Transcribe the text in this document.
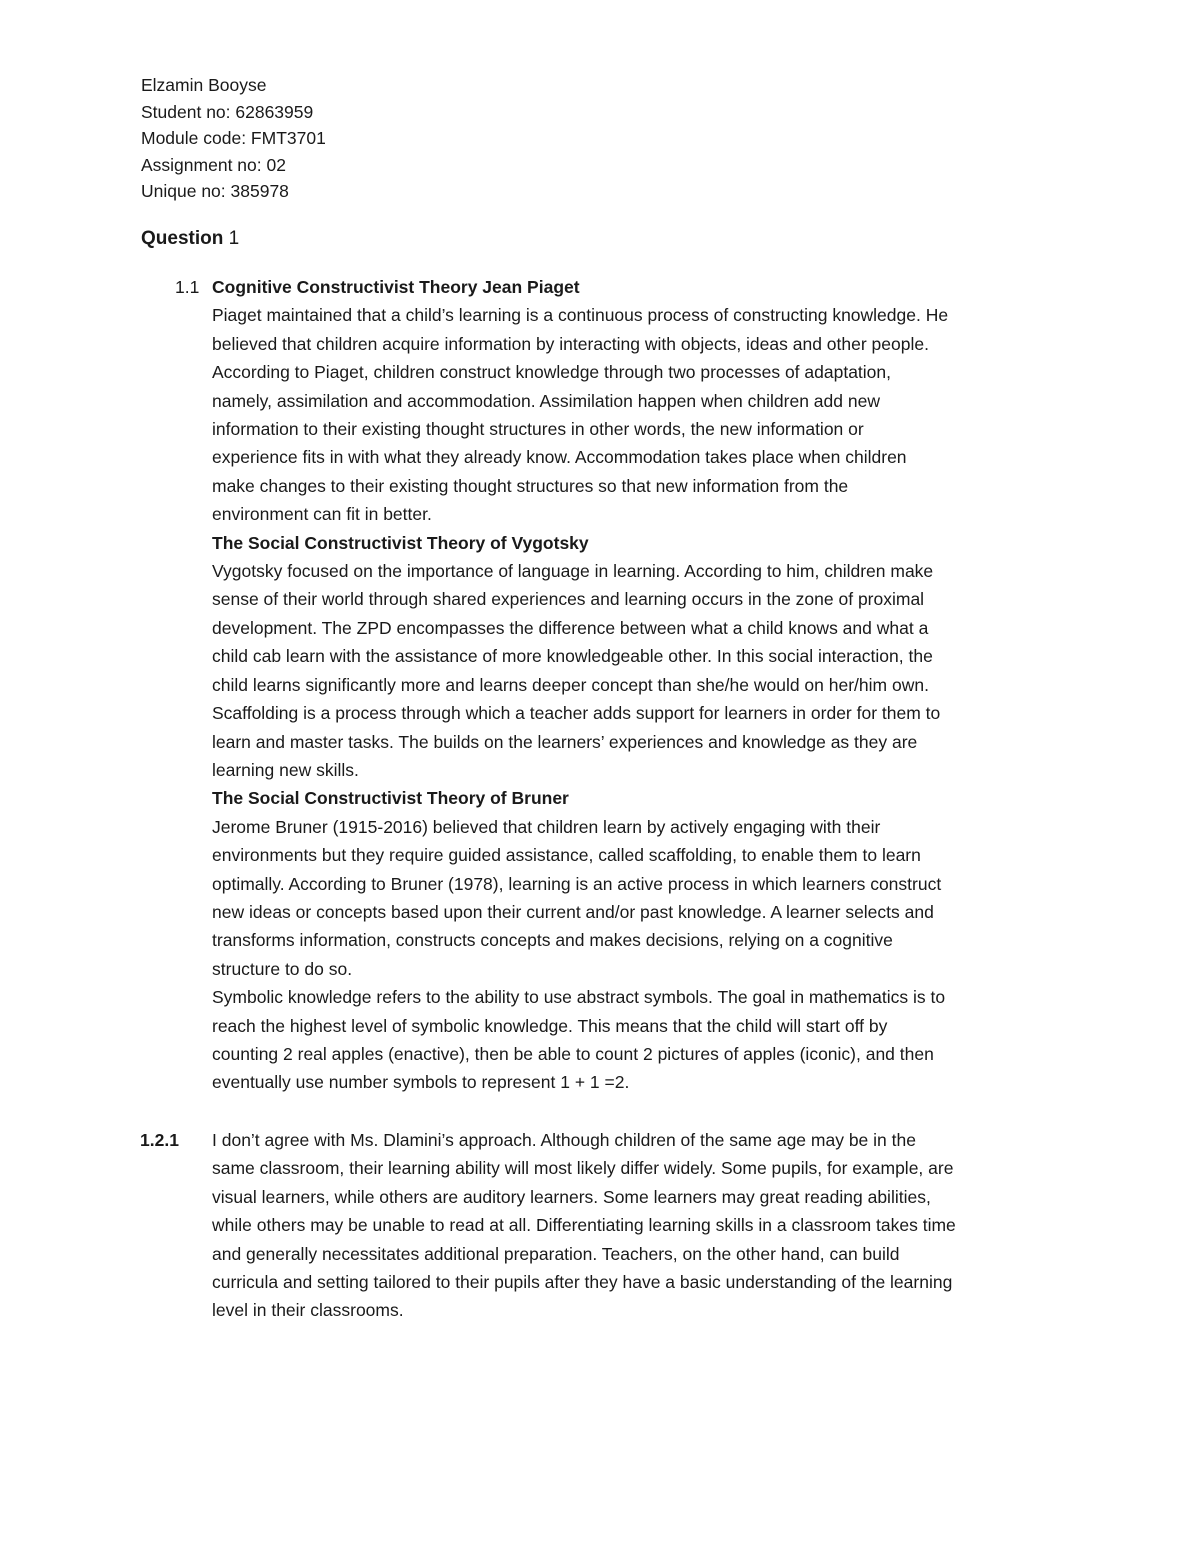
Elzamin Booyse
Student no: 62863959
Module code: FMT3701
Assignment no: 02
Unique no: 385978
Question 1
1.1 Cognitive Constructivist Theory Jean Piaget
Piaget maintained that a child’s learning is a continuous process of constructing knowledge. He
believed that children acquire information by interacting with objects, ideas and other people.
According to Piaget, children construct knowledge through two processes of adaptation,
namely, assimilation and accommodation. Assimilation happen when children add new
information to their existing thought structures in other words, the new information or
experience fits in with what they already know. Accommodation takes place when children
make changes to their existing thought structures so that new information from the
environment can fit in better.
The Social Constructivist Theory of Vygotsky
Vygotsky focused on the importance of language in learning. According to him, children make
sense of their world through shared experiences and learning occurs in the zone of proximal
development. The ZPD encompasses the difference between what a child knows and what a
child cab learn with the assistance of more knowledgeable other. In this social interaction, the
child learns significantly more and learns deeper concept than she/he would on her/him own.
Scaffolding is a process through which a teacher adds support for learners in order for them to
learn and master tasks. The builds on the learners’ experiences and knowledge as they are
learning new skills.
The Social Constructivist Theory of Bruner
Jerome Bruner (1915-2016) believed that children learn by actively engaging with their
environments but they require guided assistance, called scaffolding, to enable them to learn
optimally. According to Bruner (1978), learning is an active process in which learners construct
new ideas or concepts based upon their current and/or past knowledge. A learner selects and
transforms information, constructs concepts and makes decisions, relying on a cognitive
structure to do so.
Symbolic knowledge refers to the ability to use abstract symbols. The goal in mathematics is to
reach the highest level of symbolic knowledge. This means that the child will start off by
counting 2 real apples (enactive), then be able to count 2 pictures of apples (iconic), and then
eventually use number symbols to represent 1 + 1 =2.
1.2.1 I don’t agree with Ms. Dlamini’s approach. Although children of the same age may be in the
same classroom, their learning ability will most likely differ widely. Some pupils, for example, are
visual learners, while others are auditory learners. Some learners may great reading abilities,
while others may be unable to read at all. Differentiating learning skills in a classroom takes time
and generally necessitates additional preparation. Teachers, on the other hand, can build
curricula and setting tailored to their pupils after they have a basic understanding of the learning
level in their classrooms.
